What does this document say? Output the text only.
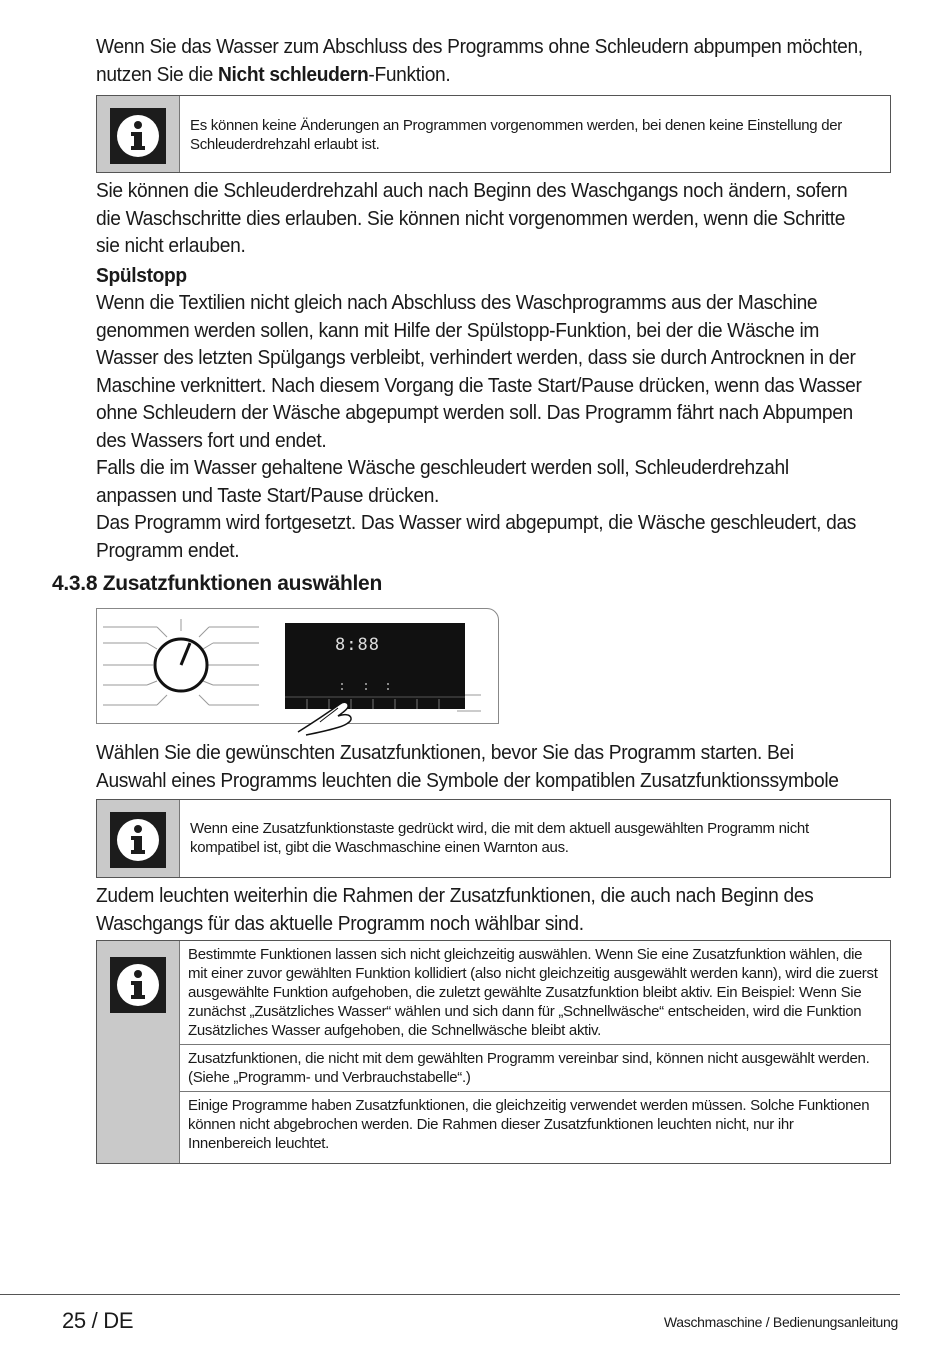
Wenn Sie das Wasser zum Abschluss des Programms ohne Schleudern abpumpen möchten, nutzen Sie die Nicht schleudern-Funktion.

Es können keine Änderungen an Programmen vorgenommen werden, bei denen keine Einstellung der Schleuderdrehzahl erlaubt ist.

Sie können die Schleuderdrehzahl auch nach Beginn des Waschgangs noch ändern, sofern die Waschschritte dies erlauben. Sie können nicht vorgenommen werden, wenn die Schritte sie nicht erlauben.

Spülstopp

Wenn die Textilien nicht gleich nach Abschluss des Waschprogramms aus der Maschine genommen werden sollen, kann mit Hilfe der Spülstopp-Funktion, bei der die Wäsche im Wasser des letzten Spülgangs verbleibt, verhindert werden, dass sie durch Antrocknen in der Maschine verknittert. Nach diesem Vorgang die Taste Start/Pause drücken, wenn das Wasser ohne Schleudern der Wäsche abgepumpt werden soll. Das Programm fährt nach Abpumpen des Wassers fort und endet.

Falls die im Wasser gehaltene Wäsche geschleudert werden soll, Schleuderdrehzahl anpassen und Taste Start/Pause drücken.

Das Programm wird fortgesetzt. Das Wasser wird abgepumpt, die Wäsche geschleudert, das Programm endet.

4.3.8 Zusatzfunktionen auswählen
8:88

Wählen Sie die gewünschten Zusatzfunktionen, bevor Sie das Programm starten. Bei Auswahl eines Programms leuchten die Symbole der kompatiblen Zusatzfunktionssymbole

Wenn eine Zusatzfunktionstaste gedrückt wird, die mit dem aktuell ausgewählten Programm nicht kompatibel ist, gibt die Waschmaschine einen Warnton aus.

Zudem leuchten weiterhin die Rahmen der Zusatzfunktionen, die auch nach Beginn des Waschgangs für das aktuelle Programm noch wählbar sind.

Bestimmte Funktionen lassen sich nicht gleichzeitig auswählen. Wenn Sie eine Zusatzfunktion wählen, die mit einer zuvor gewählten Funktion kollidiert (also nicht gleichzeitig ausgewählt werden kann), wird die zuerst ausgewählte Funktion aufgehoben, die zuletzt gewählte Zusatzfunktion bleibt aktiv. Ein Beispiel: Wenn Sie zunächst „Zusätzliches Wasser“ wählen und sich dann für „Schnellwäsche“ entscheiden, wird die Funktion Zusätzliches Wasser aufgehoben, die Schnellwäsche bleibt aktiv.
Zusatzfunktionen, die nicht mit dem gewählten Programm vereinbar sind, können nicht ausgewählt werden. (Siehe „Programm- und Verbrauchstabelle“.)
Einige Programme haben Zusatzfunktionen, die gleichzeitig verwendet werden müssen. Solche Funktionen können nicht abgebrochen werden. Die Rahmen dieser Zusatzfunktionen leuchten nicht, nur ihr Innenbereich leuchtet.
25 / DE	Waschmaschine / Bedienungsanleitung
